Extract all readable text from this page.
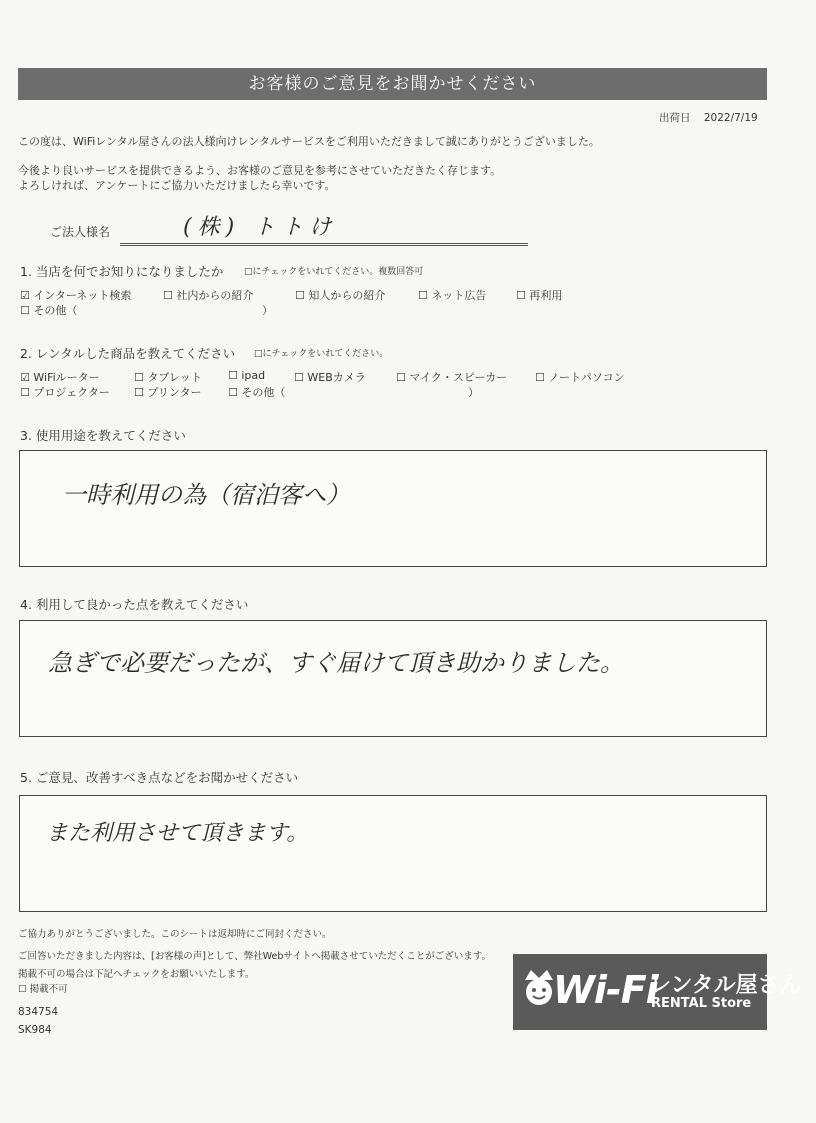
お客様のご意見をお聞かせください
出荷日 2022/7/19
この度は、WiFiレンタル屋さんの法人様向けレンタルサービスをご利用いただきまして誠にありがとうございました。
今後より良いサービスを提供できるよう、お客様のご意見を参考にさせていただきたく存じます。
よろしければ、アンケートにご協力いただけましたら幸いです。
ご法人様名	(株) トトけ
1. 当店を何でお知りになりましたか □にチェックをいれてください。複数回答可
☑ インターネット検索	☐ 社内からの紹介	☐ 知人からの紹介	☐ ネット広告	☐ 再利用
☐ その他（	）
2. レンタルした商品を教えてください □にチェックをいれてください。
☑ WiFiルーター	☐ タブレット ☐ ipad	☐ WEBカメラ	☐ マイク・スピーカー	☐ ノートパソコン
☐ プロジェクター ☐ プリンター ☐ その他（	）
3. 使用用途を教えてください
一時利用の為（宿泊客へ）
4. 利用して良かった点を教えてください
急ぎで必要だったが、すぐ届けて頂き助かりました。
5. ご意見、改善すべき点などをお聞かせください
また利用させて頂きます。
ご協力ありがとうございました。このシートは返却時にご同封ください。
ご回答いただきました内容は、[お客様の声]として、弊社Webサイトへ掲載させていただくことがございます。
掲載不可の場合は下記へチェックをお願いいたします。
☐ 掲載不可
834754
SK984
Wi-Fi
レンタル屋さん
RENTAL Store
